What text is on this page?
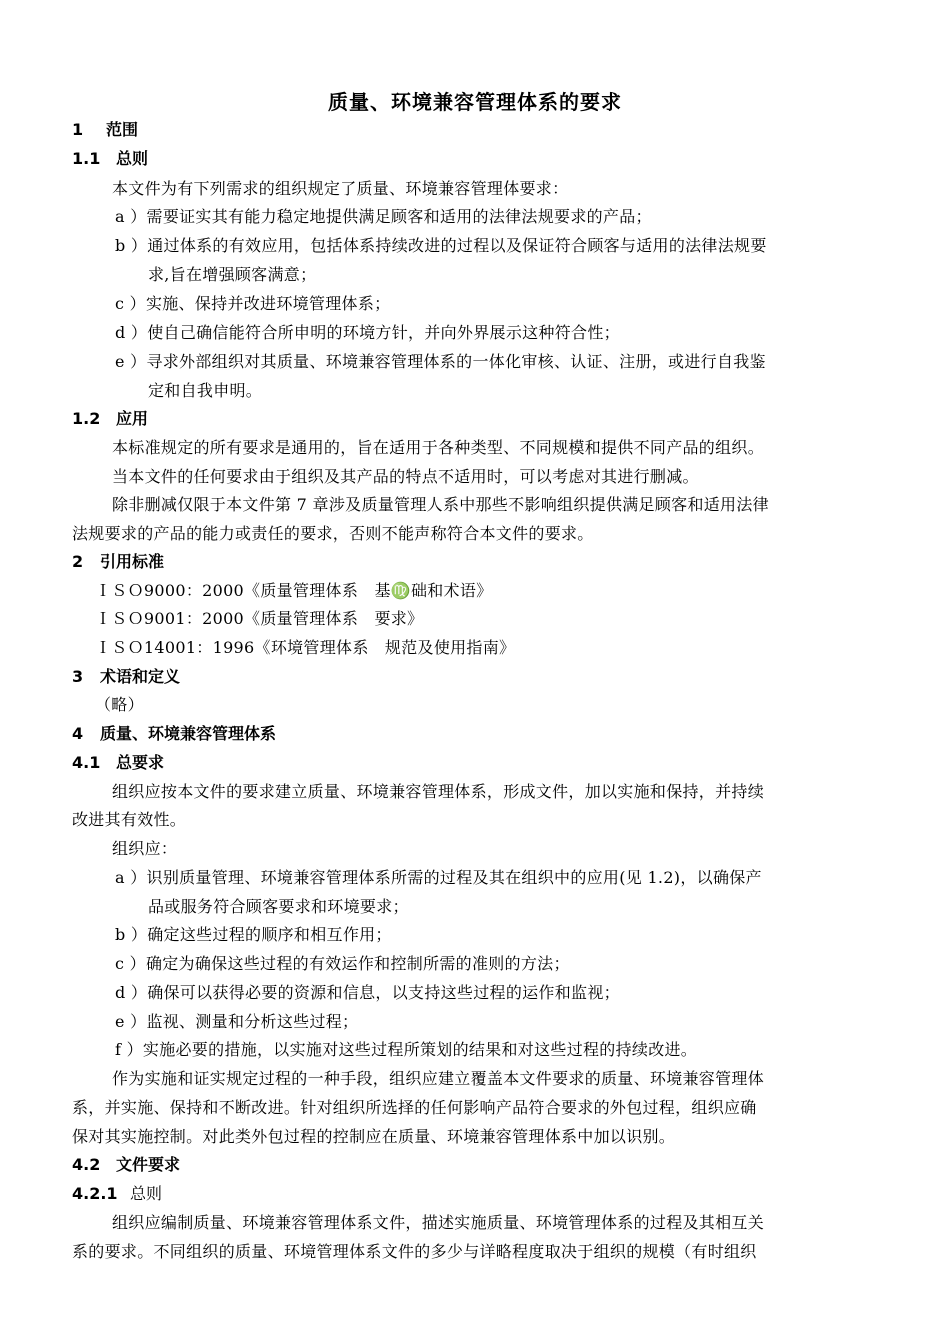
质量、环境兼容管理体系的要求
1 范围
1.1 总则
本文件为有下列需求的组织规定了质量、环境兼容管理体要求：
a ）需要证实其有能力稳定地提供满足顾客和适用的法律法规要求的产品；
b ）通过体系的有效应用，包括体系持续改进的过程以及保证符合顾客与适用的法律法规要
求,旨在增强顾客满意；
c ）实施、保持并改进环境管理体系；
d ）使自己确信能符合所申明的环境方针，并向外界展示这种符合性；
e ）寻求外部组织对其质量、环境兼容管理体系的一体化审核、认证、注册，或进行自我鉴
定和自我申明。
1.2 应用
本标准规定的所有要求是通用的，旨在适用于各种类型、不同规模和提供不同产品的组织。
当本文件的任何要求由于组织及其产品的特点不适用时，可以考虑对其进行删减。
除非删减仅限于本文件第 7 章涉及质量管理人系中那些不影响组织提供满足顾客和适用法律
法规要求的产品的能力或责任的要求，否则不能声称符合本文件的要求。
2 引用标准
ＩＳＯ9000：2000《质量管理体系　基♍础和术语》
ＩＳＯ9001：2000《质量管理体系　要求》
ＩＳＯ14001：1996《环境管理体系　规范及使用指南》
3 术语和定义
（略）
4 质量、环境兼容管理体系
4.1 总要求
组织应按本文件的要求建立质量、环境兼容管理体系，形成文件，加以实施和保持，并持续
改进其有效性。
组织应：
a ）识别质量管理、环境兼容管理体系所需的过程及其在组织中的应用(见 1.2)，以确保产
品或服务符合顾客要求和环境要求；
b ）确定这些过程的顺序和相互作用；
c ）确定为确保这些过程的有效运作和控制所需的准则的方法；
d ）确保可以获得必要的资源和信息，以支持这些过程的运作和监视；
e ）监视、测量和分析这些过程；
f ）实施必要的措施，以实施对这些过程所策划的结果和对这些过程的持续改进。
作为实施和证实规定过程的一种手段，组织应建立覆盖本文件要求的质量、环境兼容管理体
系，并实施、保持和不断改进。针对组织所选择的任何影响产品符合要求的外包过程，组织应确
保对其实施控制。对此类外包过程的控制应在质量、环境兼容管理体系中加以识别。
4.2 文件要求
4.2.1 总则
组织应编制质量、环境兼容管理体系文件，描述实施质量、环境管理体系的过程及其相互关
系的要求。不同组织的质量、环境管理体系文件的多少与详略程度取决于组织的规模（有时组织
